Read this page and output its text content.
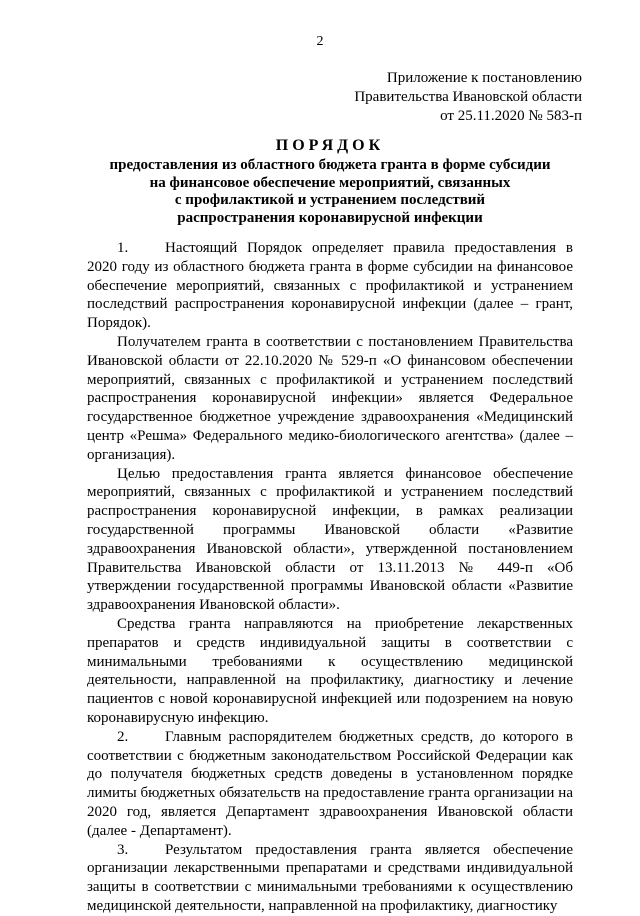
2
Приложение к постановлению
Правительства Ивановской области
от 25.11.2020 № 583-п
ПОРЯДОК
предоставления из областного бюджета гранта в форме субсидии
на финансовое обеспечение мероприятий, связанных
с профилактикой и устранением последствий
распространения коронавирусной инфекции

1. Настоящий Порядок определяет правила предоставления в 2020 году из областного бюджета гранта в форме субсидии на финансовое обеспечение мероприятий, связанных с профилактикой и устранением последствий распространения коронавирусной инфекции (далее – грант, Порядок).

Получателем гранта в соответствии с постановлением Правительства Ивановской области от 22.10.2020 № 529-п «О финансовом обеспечении мероприятий, связанных с профилактикой и устранением последствий распространения коронавирусной инфекции» является Федеральное государственное бюджетное учреждение здравоохранения «Медицинский центр «Решма» Федерального медико-биологического агентства» (далее – организация).

Целью предоставления гранта является финансовое обеспечение мероприятий, связанных с профилактикой и устранением последствий распространения коронавирусной инфекции, в рамках реализации государственной программы Ивановской области «Развитие здравоохранения Ивановской области», утвержденной постановлением Правительства Ивановской области от 13.11.2013 № 449-п «Об утверждении государственной программы Ивановской области «Развитие здравоохранения Ивановской области».

Средства гранта направляются на приобретение лекарственных препаратов и средств индивидуальной защиты в соответствии с минимальными требованиями к осуществлению медицинской деятельности, направленной на профилактику, диагностику и лечение пациентов с новой коронавирусной инфекцией или подозрением на новую коронавирусную инфекцию.

2. Главным распорядителем бюджетных средств, до которого в соответствии с бюджетным законодательством Российской Федерации как до получателя бюджетных средств доведены в установленном порядке лимиты бюджетных обязательств на предоставление гранта организации на 2020 год, является Департамент здравоохранения Ивановской области (далее - Департамент).

3. Результатом предоставления гранта является обеспечение организации лекарственными препаратами и средствами индивидуальной защиты в соответствии с минимальными требованиями к осуществлению медицинской деятельности, направленной на профилактику, диагностику
